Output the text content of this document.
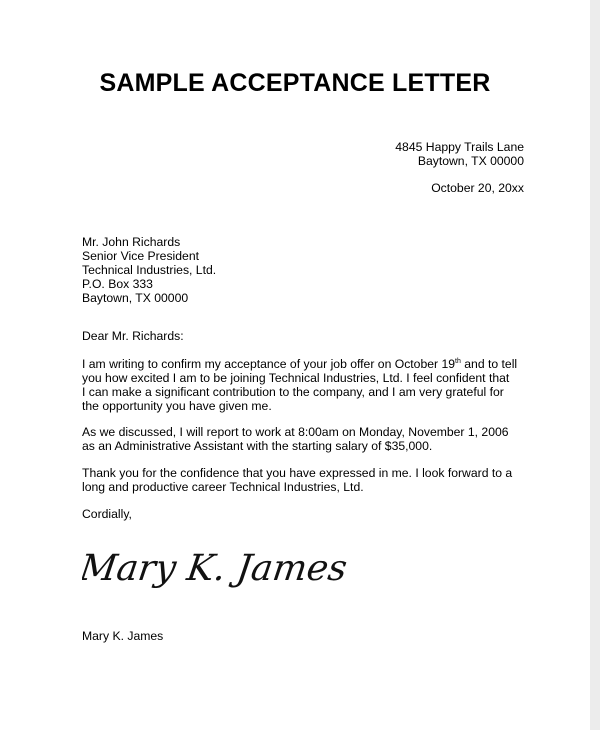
SAMPLE ACCEPTANCE LETTER
4845 Happy Trails Lane
Baytown, TX 00000
October 20, 20xx
Mr. John Richards
Senior Vice President
Technical Industries, Ltd.
P.O. Box 333
Baytown, TX 00000
Dear Mr. Richards:
I am writing to confirm my acceptance of your job offer on October 19th and to tell
you how excited I am to be joining Technical Industries, Ltd. I feel confident that
I can make a significant contribution to the company, and I am very grateful for
the opportunity you have given me.
As we discussed, I will report to work at 8:00am on Monday, November 1, 2006
as an Administrative Assistant with the starting salary of $35,000.
Thank you for the confidence that you have expressed in me. I look forward to a
long and productive career Technical Industries, Ltd.
Cordially,
Mary K. James
Mary K. James
